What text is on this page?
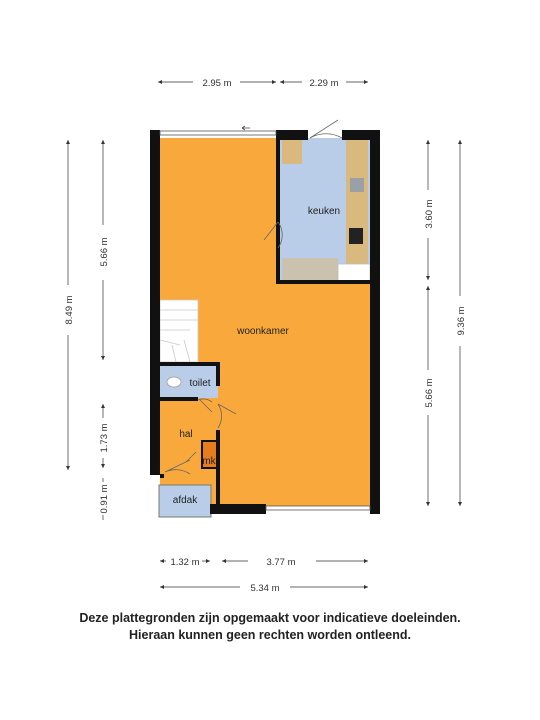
woonkamer
keuken
toilet
hal
mk
afdak
2.95 m	2.29 m
8.49 m
5.66 m
1.73 m
0.91 m
3.60 m
5.66 m
9.36 m
1.32 m	3.77 m
5.34 m
Deze plattegronden zijn opgemaakt voor indicatieve doeleinden.
Hieraan kunnen geen rechten worden ontleend.
